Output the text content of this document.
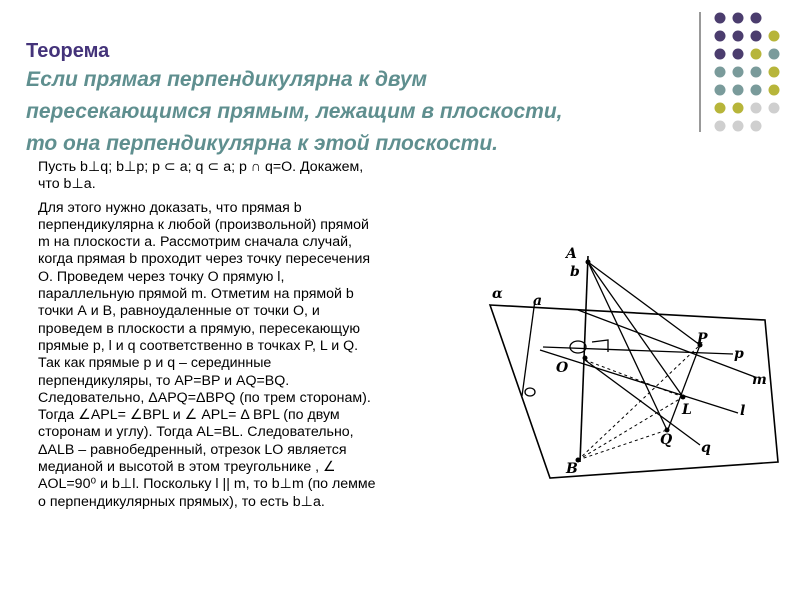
Теорема
Если прямая перпендикулярна к двум
пересекающимся прямым, лежащим в плоскости,
то она перпендикулярна к этой плоскости.
Пусть b⊥q; b⊥p; p ⊂ a; q ⊂ a; p ∩ q=O. Докажем,
что b⊥a.
Для этого нужно доказать, что прямая b
перпендикулярна к любой (произвольной) прямой
m на плоскости а. Рассмотрим сначала случай,
когда прямая b проходит через точку пересечения
О. Проведем через точку О прямую l,
параллельную прямой m. Отметим на прямой b
точки А и В, равноудаленные от точки О, и
проведем в плоскости а прямую, пересекающую
прямые p, l и q соответственно в точках P, L и Q.
Так как прямые p и q – серединные
перпендикуляры, то AP=BP и AQ=BQ.
Следовательно, ΔAPQ=ΔBPQ (по трем сторонам).
Тогда ∠APL= ∠BPL и ∠ APL= Δ BPL (по двум
сторонам и углу). Тогда AL=BL. Следовательно,
ΔALB – равнобедренный, отрезок LO является
медианой и высотой в этом треугольнике , ∠
AOL=90⁰ и b⊥l. Поскольку l || m, то b⊥m (по лемме
о перпендикулярных прямых), то есть b⊥a.
α a
A
b
O
P
p
m
L	l
Q q
B
